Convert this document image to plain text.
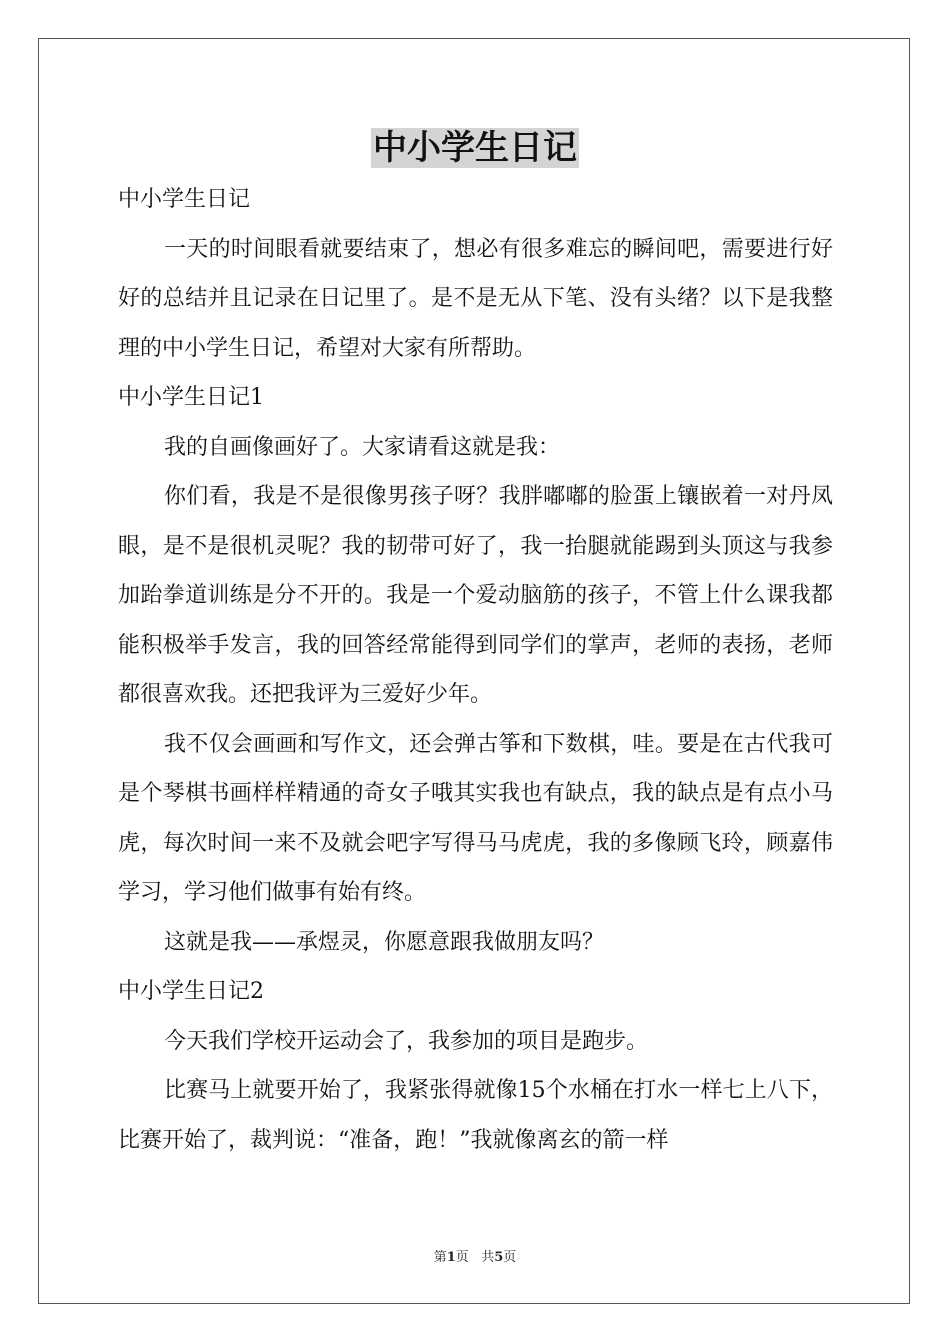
中小学生日记

中小学生日记

一天的时间眼看就要结束了，想必有很多难忘的瞬间吧，需要进行好好的总结并且记录在日记里了。是不是无从下笔、没有头绪？以下是我整理的中小学生日记，希望对大家有所帮助。

中小学生日记1

我的自画像画好了。大家请看这就是我：

你们看，我是不是很像男孩子呀？我胖嘟嘟的脸蛋上镶嵌着一对丹凤眼，是不是很机灵呢？我的韧带可好了，我一抬腿就能踢到头顶这与我参加跆拳道训练是分不开的。我是一个爱动脑筋的孩子，不管上什么课我都能积极举手发言，我的回答经常能得到同学们的掌声，老师的表扬，老师都很喜欢我。还把我评为三爱好少年。

我不仅会画画和写作文，还会弹古筝和下数棋，哇。要是在古代我可是个琴棋书画样样精通的奇女子哦其实我也有缺点，我的缺点是有点小马虎，每次时间一来不及就会吧字写得马马虎虎，我的多像顾飞玲，顾嘉伟学习，学习他们做事有始有终。

这就是我——承煜灵，你愿意跟我做朋友吗？

中小学生日记2

今天我们学校开运动会了，我参加的项目是跑步。

比赛马上就要开始了，我紧张得就像15个水桶在打水一样七上八下，比赛开始了，裁判说：“准备，跑！”我就像离玄的箭一样

第1页 共5页
